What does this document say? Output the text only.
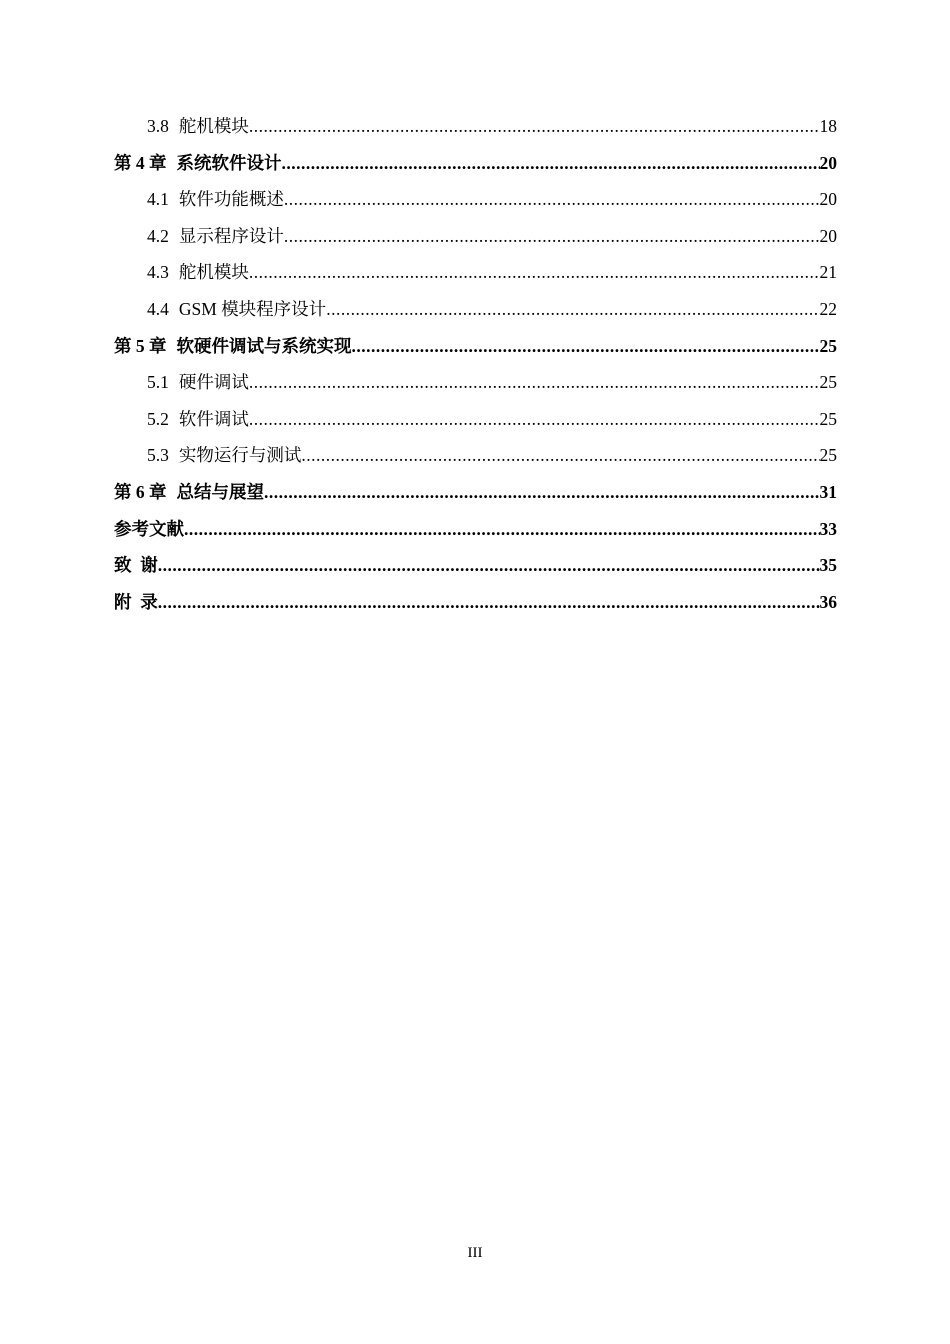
3.8 舵机模块 .....	18
第 4 章 系统软件设计 .....	20
4.1 软件功能概述 .....	20
4.2 显示程序设计 .....	20
4.3 舵机模块 .....	21
4.4 GSM 模块程序设计 .....	22
第 5 章 软硬件调试与系统实现 .....	25
5.1 硬件调试 .....	25
5.2 软件调试 .....	25
5.3 实物运行与测试 .....	25
第 6 章 总结与展望 .....	31
参考文献 .....	33
致  谢 .....	35
附  录 .....	36
III
